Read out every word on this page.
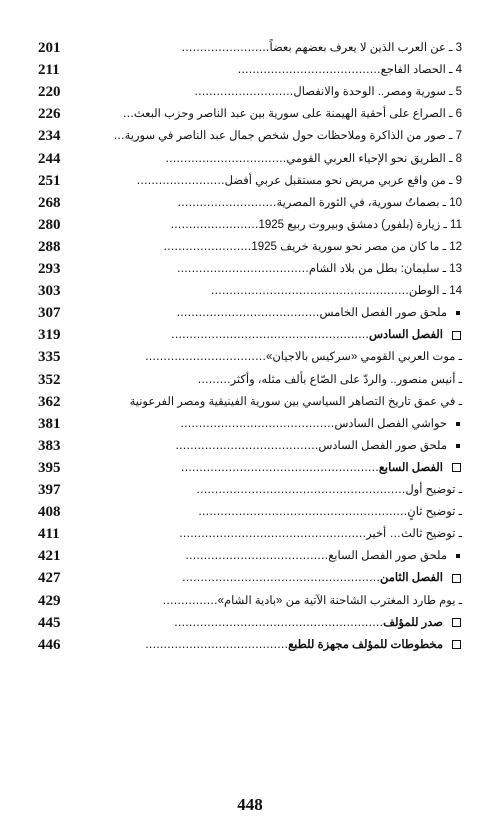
201	3 ـ عن العرب الذين لا يعرف بعضهم بعضاً……………………
211	4 ـ الحصاد الفاجع…………………………………
220	5 ـ سورية ومصر.. الوحدة والانفصال………………………
226	6 ـ الصراع على أحقية الهيمنة على سورية بين عبد الناصر وحزب البعث…
234	7 ـ صور من الذاكرة وملاحظات حول شخص جمال عبد الناصر في سورية…
244	8 ـ الطريق نحو الإحياء العربي القومي……………………………
251	9 ـ من واقع عربي مريض نحو مستقبل عربي أفضل……………………
268	10 ـ بصماتٌ سورية، في الثورة المصرية………………………
280	11 ـ زيارة (بلفور) دمشق وبيروت ربيع 1925……………………
288	12 ـ ما كان من مصر نحو سورية خريف 1925……………………
293	13 ـ سليمان: بطل من بلاد الشام………………………………
303	14 ـ الوطن………………………………………………
307	ملحق صور الفصل الخامس…………………………………
319	الفصل السادس………………………………………………
335	ـ موت العربي القومي «سركيس بالاجيان»……………………………
352	ـ أنيس منصور.. والردّ على الصّاع بألف مثله، وأكثر………
362	ـ في عمق تاريخ التصاهر السياسي بين سورية الفينيقية ومصر الفرعونية
381	حواشي الفصل السادس……………………………………
383	ملحق صور الفصل السادس…………………………………
395	الفصل السابع………………………………………………
397	ـ توضيح أول…………………………………………………
408	ـ توضيح ثانٍ…………………………………………………
411	ـ توضيح ثالث… أخير……………………………………………
421	ملحق صور الفصل السابع…………………………………
427	الفصل الثامن………………………………………………
429	ـ يوم طارد المغترب الشاحنة الآتية من «بادية الشام»……………
445	صدر للمؤلف…………………………………………………
446	مخطوطات للمؤلف مجهزة للطبع…………………………………
448
